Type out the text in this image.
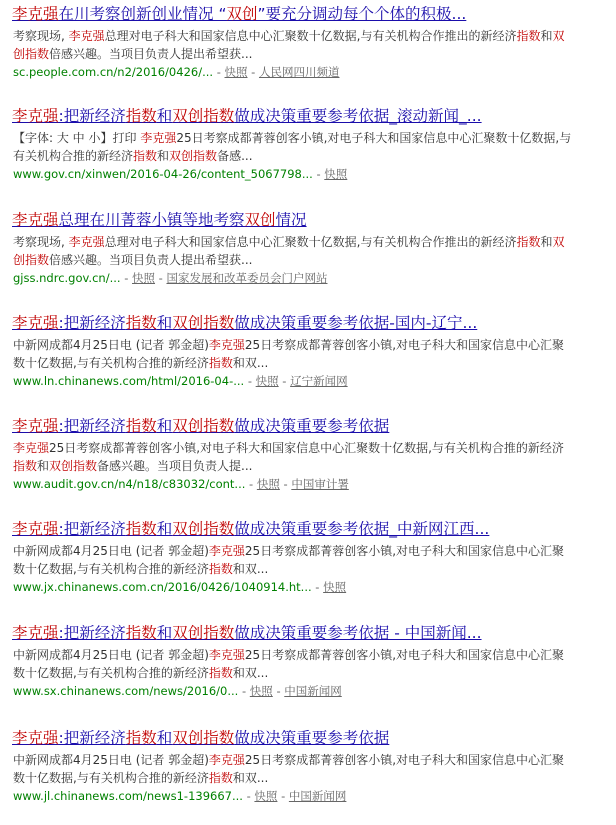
李克强在川考察创新创业情况 “双创”要充分调动每个个体的积极...
考察现场, 李克强总理对电子科大和国家信息中心汇聚数十亿数据,与有关机构合作推出的新经济指数和双创指数倍感兴趣。当项目负责人提出希望获...
sc.people.com.cn/n2/2016/0426/... - 快照 - 人民网四川频道
李克强:把新经济指数和双创指数做成决策重要参考依据_滚动新闻_...
【字体: 大 中 小】打印 李克强25日考察成都菁蓉创客小镇,对电子科大和国家信息中心汇聚数十亿数据,与有关机构合推的新经济指数和双创指数备感...
www.gov.cn/xinwen/2016-04-26/content_5067798... - 快照
李克强总理在川菁蓉小镇等地考察双创情况
考察现场, 李克强总理对电子科大和国家信息中心汇聚数十亿数据,与有关机构合作推出的新经济指数和双创指数倍感兴趣。当项目负责人提出希望获...
gjss.ndrc.gov.cn/... - 快照 - 国家发展和改革委员会门户网站
李克强:把新经济指数和双创指数做成决策重要参考依据-国内-辽宁...
中新网成都4月25日电 (记者 郭金超)李克强25日考察成都菁蓉创客小镇,对电子科大和国家信息中心汇聚数十亿数据,与有关机构合推的新经济指数和双...
www.ln.chinanews.com/html/2016-04-... - 快照 - 辽宁新闻网
李克强:把新经济指数和双创指数做成决策重要参考依据
李克强25日考察成都菁蓉创客小镇,对电子科大和国家信息中心汇聚数十亿数据,与有关机构合推的新经济指数和双创指数备感兴趣。当项目负责人提...
www.audit.gov.cn/n4/n18/c83032/cont... - 快照 - 中国审计署
李克强:把新经济指数和双创指数做成决策重要参考依据_中新网江西...
中新网成都4月25日电 (记者 郭金超)李克强25日考察成都菁蓉创客小镇,对电子科大和国家信息中心汇聚数十亿数据,与有关机构合推的新经济指数和双...
www.jx.chinanews.com.cn/2016/0426/1040914.ht... - 快照
李克强:把新经济指数和双创指数做成决策重要参考依据 - 中国新闻...
中新网成都4月25日电 (记者 郭金超)李克强25日考察成都菁蓉创客小镇,对电子科大和国家信息中心汇聚数十亿数据,与有关机构合推的新经济指数和双...
www.sx.chinanews.com/news/2016/0... - 快照 - 中国新闻网
李克强:把新经济指数和双创指数做成决策重要参考依据
中新网成都4月25日电 (记者 郭金超)李克强25日考察成都菁蓉创客小镇,对电子科大和国家信息中心汇聚数十亿数据,与有关机构合推的新经济指数和双...
www.jl.chinanews.com/news1-139667... - 快照 - 中国新闻网
